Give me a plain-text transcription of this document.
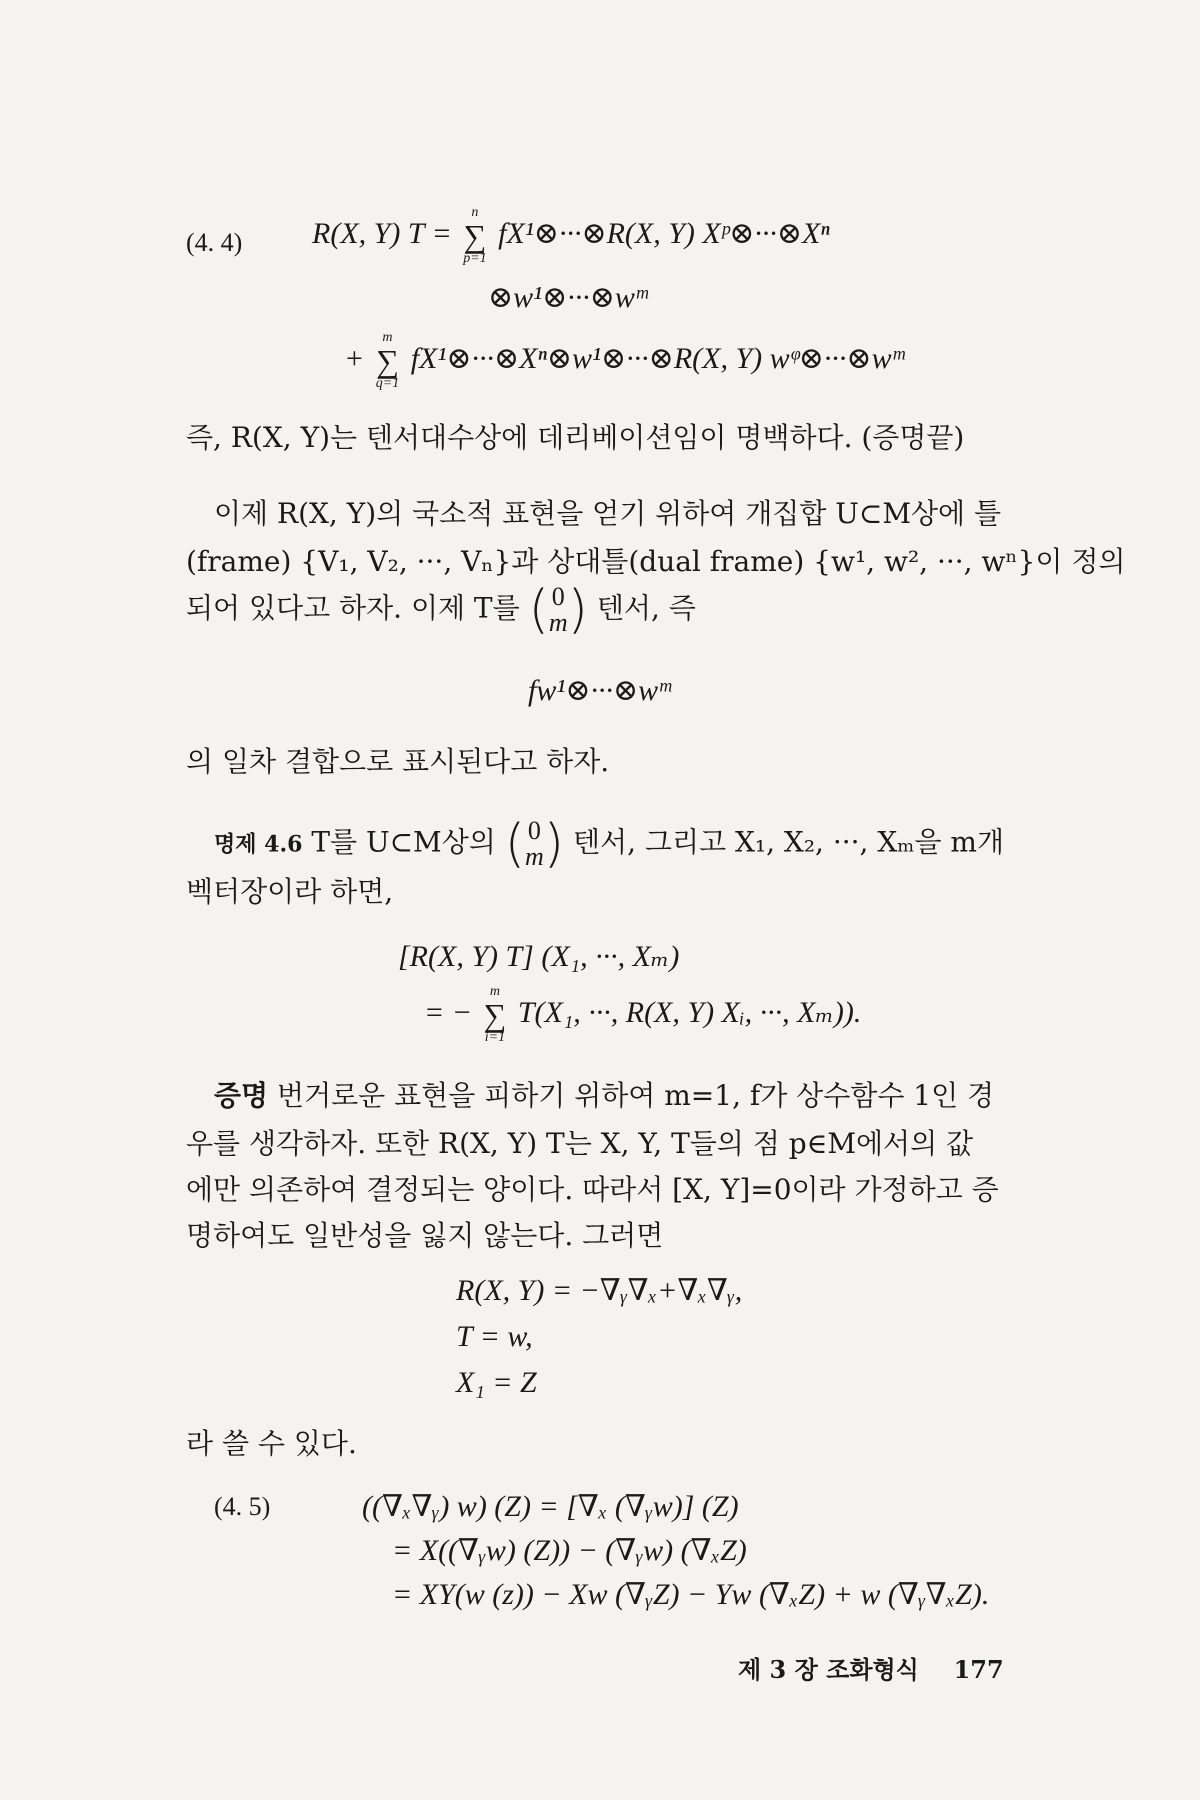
(4. 4) R(X, Y) T =
n
∑
p=1
fX¹⊗···⊗R(X, Y) Xᵖ⊗···⊗Xⁿ
⊗w¹⊗···⊗wᵐ
+
m
∑
q=1
fX¹⊗···⊗Xⁿ⊗w¹⊗···⊗R(X, Y) wᵠ⊗···⊗wᵐ
즉, R(X, Y)는 텐서대수상에 데리베이션임이 명백하다. (증명끝)
이제 R(X, Y)의 국소적 표현을 얻기 위하여 개집합 U⊂M상에 틀
(frame) {V₁, V₂, ···, Vₙ}과 상대틀(dual frame) {w¹, w², ···, wⁿ}이 정의
되어 있다고 하자. 이제 T를 ( 0
m ) 텐서, 즉
fw¹⊗···⊗wᵐ
의 일차 결합으로 표시된다고 하자.
명제 4.6 T를 U⊂M상의 ( 0
m ) 텐서, 그리고 X₁, X₂, ···, Xₘ을 m개
벡터장이라 하면,
[R(X, Y) T] (X₁, ···, Xₘ)
= −
m
∑
i=1
T(X₁, ···, R(X, Y) Xᵢ, ···, Xₘ)).
증명 번거로운 표현을 피하기 위하여 m=1, f가 상수함수 1인 경
우를 생각하자. 또한 R(X, Y) T는 X, Y, T들의 점 p∈M에서의 값
에만 의존하여 결정되는 양이다. 따라서 [X, Y]=0이라 가정하고 증
명하여도 일반성을 잃지 않는다. 그러면
R(X, Y) = −∇ᵧ∇ₓ+∇ₓ∇ᵧ,
T = w,
X₁ = Z
라 쓸 수 있다.
(4. 5)	((∇ₓ∇ᵧ) w) (Z) = [∇ₓ (∇ᵧw)] (Z)
= X((∇ᵧw) (Z)) − (∇ᵧw) (∇ₓZ)
= XY(w (z)) − Xw (∇ᵧZ) − Yw (∇ₓZ) + w (∇ᵧ∇ₓZ).
제 3 장 조화형식 177
